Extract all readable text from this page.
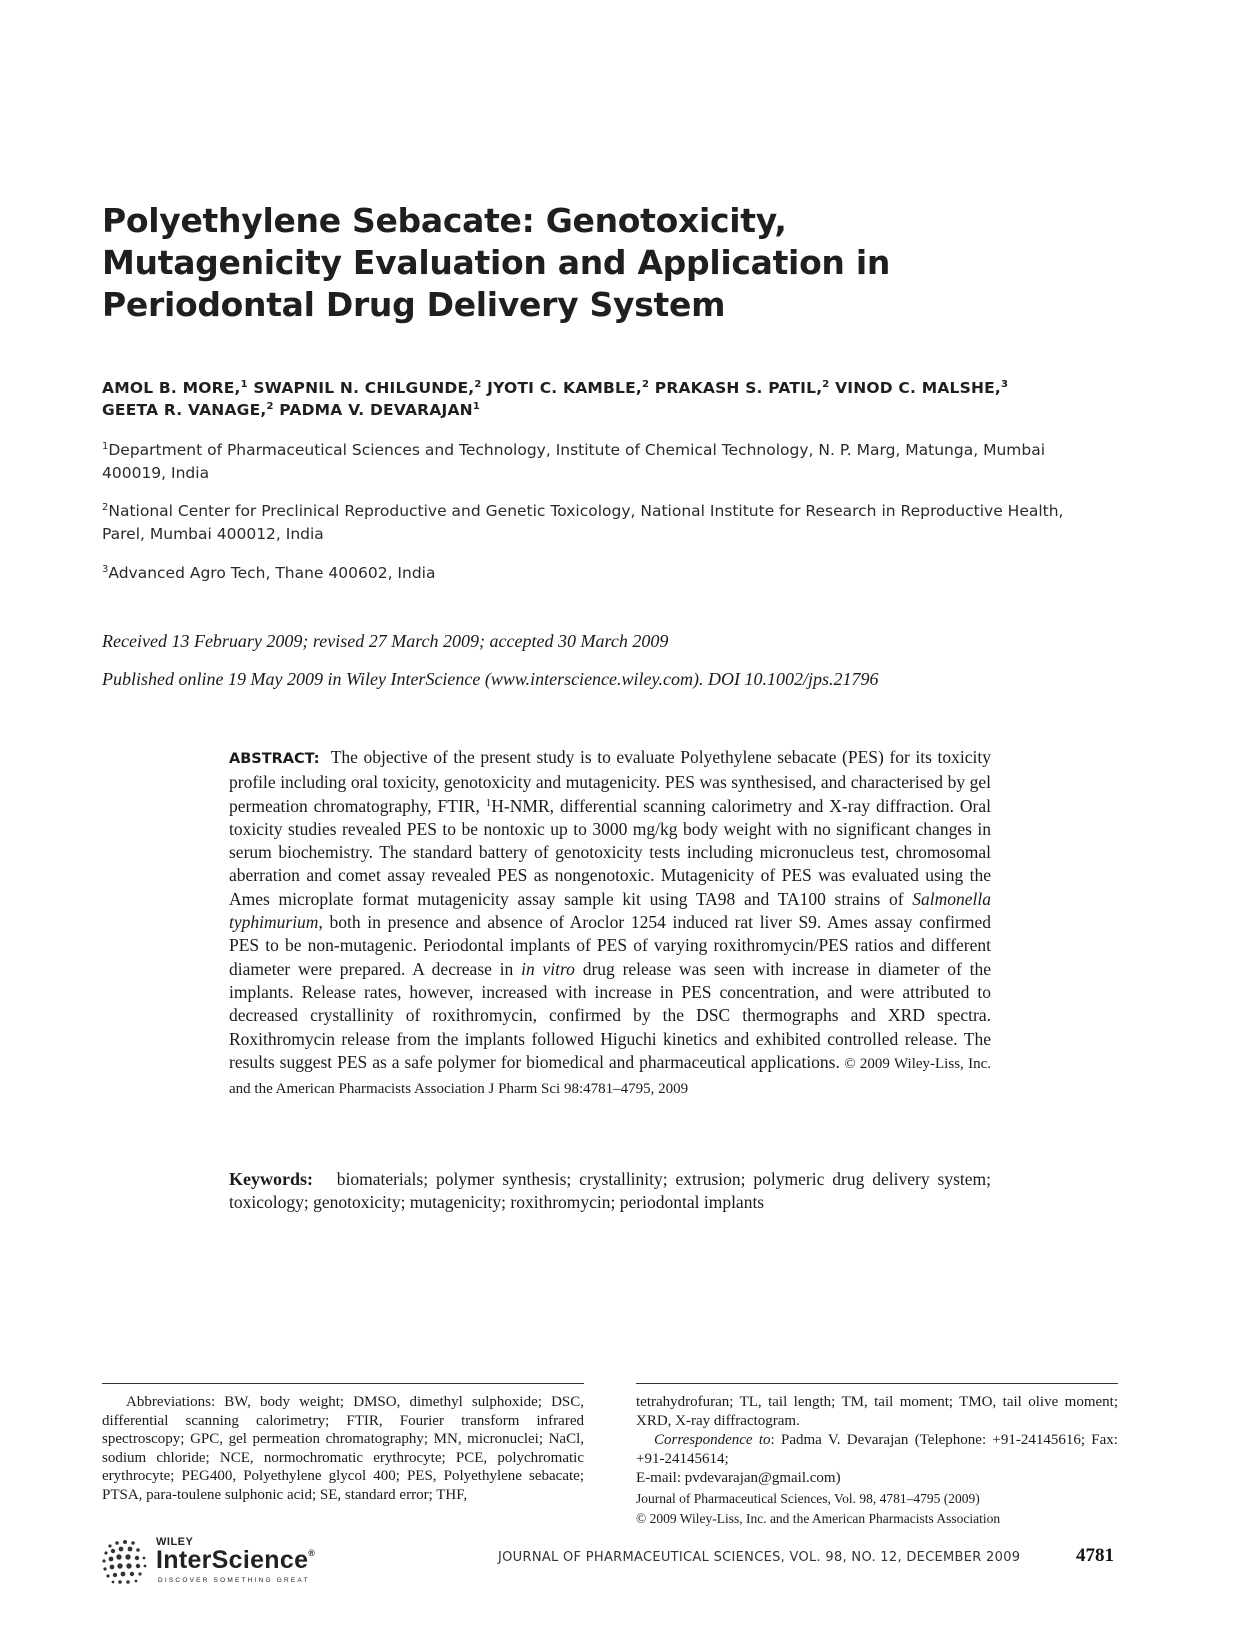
Polyethylene Sebacate: Genotoxicity, Mutagenicity Evaluation and Application in Periodontal Drug Delivery System
AMOL B. MORE,$^1$ SWAPNIL N. CHILGUNDE,$^2$ JYOTI C. KAMBLE,$^2$ PRAKASH S. PATIL,$^2$ VINOD C. MALSHE,$^3$
GEETA R. VANAGE,$^2$ PADMA V. DEVARAJAN$^1$
$^1$Department of Pharmaceutical Sciences and Technology, Institute of Chemical Technology, N. P. Marg, Matunga, Mumbai 400019, India
$^2$National Center for Preclinical Reproductive and Genetic Toxicology, National Institute for Research in Reproductive Health, Parel, Mumbai 400012, India
$^3$Advanced Agro Tech, Thane 400602, India
Received 13 February 2009; revised 27 March 2009; accepted 30 March 2009
Published online 19 May 2009 in Wiley InterScience (www.interscience.wiley.com). DOI 10.1002/jps.21796
ABSTRACT: The objective of the present study is to evaluate Polyethylene sebacate (PES) for its toxicity profile including oral toxicity, genotoxicity and mutagenicity. PES was synthesised, and characterised by gel permeation chromatography, FTIR, $^1$H-NMR, differential scanning calorimetry and X-ray diffraction. Oral toxicity studies revealed PES to be nontoxic up to 3000 mg/kg body weight with no significant changes in serum biochemistry. The standard battery of genotoxicity tests including micronucleus test, chromosomal aberration and comet assay revealed PES as nongenotoxic. Mutagenicity of PES was evaluated using the Ames microplate format mutagenicity assay sample kit using TA98 and TA100 strains of Salmonella typhimurium, both in presence and absence of Aroclor 1254 induced rat liver S9. Ames assay confirmed PES to be non-mutagenic. Periodontal implants of PES of varying roxithromycin/PES ratios and different diameter were prepared. A decrease in in vitro drug release was seen with increase in diameter of the implants. Release rates, however, increased with increase in PES concentration, and were attributed to decreased crystallinity of roxithromycin, confirmed by the DSC thermographs and XRD spectra. Roxithromycin release from the implants followed Higuchi kinetics and exhibited controlled release. The results suggest PES as a safe polymer for biomedical and pharmaceutical applications. © 2009 Wiley-Liss, Inc. and the American Pharmacists Association J Pharm Sci 98:4781–4795, 2009
Keywords: biomaterials; polymer synthesis; crystallinity; extrusion; polymeric drug delivery system; toxicology; genotoxicity; mutagenicity; roxithromycin; periodontal implants
Abbreviations: BW, body weight; DMSO, dimethyl sulphoxide; DSC, differential scanning calorimetry; FTIR, Fourier transform infrared spectroscopy; GPC, gel permeation chromatography; MN, micronuclei; NaCl, sodium chloride; NCE, normochromatic erythrocyte; PCE, polychromatic erythrocyte; PEG400, Polyethylene glycol 400; PES, Polyethylene sebacate; PTSA, para-toulene sulphonic acid; SE, standard error; THF,
tetrahydrofuran; TL, tail length; TM, tail moment; TMO, tail olive moment; XRD, X-ray diffractogram.
Correspondence to: Padma V. Devarajan (Telephone: +91-24145616; Fax: +91-24145614;
E-mail: pvdevarajan@gmail.com)
Journal of Pharmaceutical Sciences, Vol. 98, 4781–4795 (2009)
© 2009 Wiley-Liss, Inc. and the American Pharmacists Association
WILEY
InterScience®
DISCOVER SOMETHING GREAT
JOURNAL OF PHARMACEUTICAL SCIENCES, VOL. 98, NO. 12, DECEMBER 2009	4781
